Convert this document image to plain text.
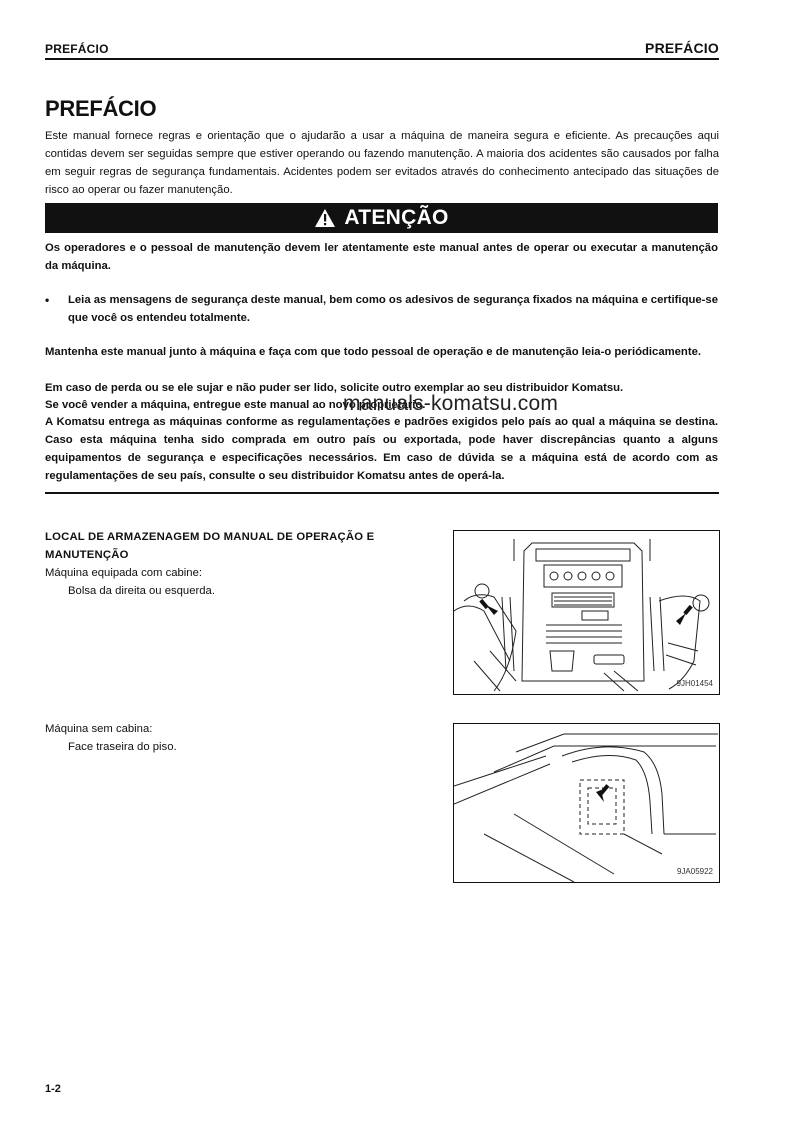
PREFÁCIO	PREFÁCIO
PREFÁCIO
Este manual fornece regras e orientação que o ajudarão a usar a máquina de maneira segura e eficiente. As precauções aqui contidas devem ser seguidas sempre que estiver operando ou fazendo manutenção. A maioria dos acidentes são causados por falha em seguir regras de segurança fundamentais. Acidentes podem ser evitados através do conhecimento antecipado das situações de risco ao operar ou fazer manutenção.
ATENÇÃO
Os operadores e o pessoal de manutenção devem ler atentamente este manual antes de operar ou executar a manutenção da máquina.
• Leia as mensagens de segurança deste manual, bem como os adesivos de segurança fixados na máquina e certifique-se que você os entendeu totalmente.
Mantenha este manual junto à máquina e faça com que todo pessoal de operação e de manutenção leia-o periódicamente.
Em caso de perda ou se ele sujar e não puder ser lido, solicite outro exemplar ao seu distribuidor Komatsu.
Se você vender a máquina, entregue este manual ao novo proprietário.
A Komatsu entrega as máquinas conforme as regulamentações e padrões exigidos pelo país ao qual a máquina se destina. Caso esta máquina tenha sido comprada em outro país ou exportada, pode haver discrepâncias quanto a alguns equipamentos de segurança e especificações necessários. Em caso de dúvida se a máquina está de acordo com as regulamentações de seu país, consulte o seu distribuidor Komatsu antes de operá-la.
manuals-komatsu.com
LOCAL DE ARMAZENAGEM DO MANUAL DE OPERAÇÃO E MANUTENÇÃO
Máquina equipada com cabine:
Bolsa da direita ou esquerda.
Máquina sem cabina:
Face traseira do piso.
9JH01454
9JA05922
1-2
